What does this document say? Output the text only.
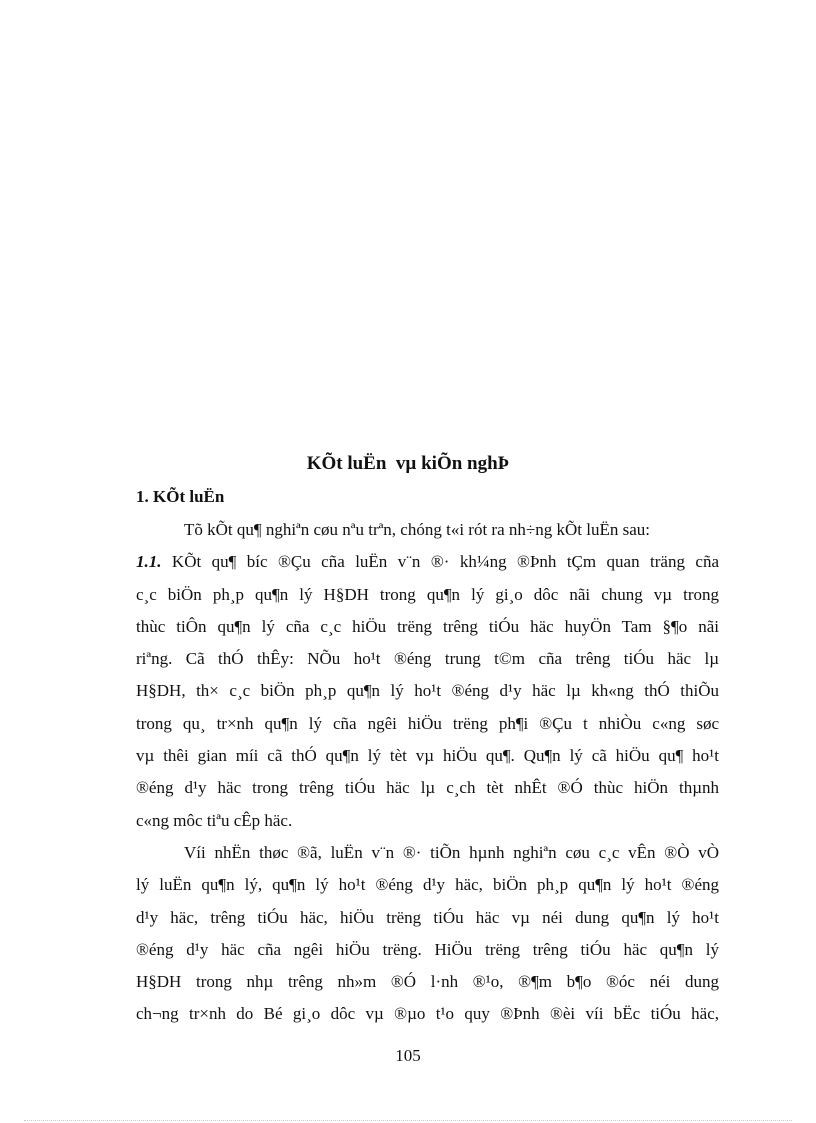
KÕt luËn  vµ kiÕn nghÞ
1. KÕt luËn

Tõ kÕt qu¶ nghiªn cøu nªu trªn, chóng t«i rót ra nh÷ng kÕt luËn sau:

1.1. KÕt qu¶ bíc ®Çu cña luËn v¨n ®· kh¼ng ®Þnh tÇm quan träng cña
c¸c biÖn ph¸p qu¶n lý H§DH trong qu¶n lý gi¸o dôc nãi chung vµ trong
thùc tiÔn qu¶n lý cña c¸c hiÖu trëng trêng tiÓu häc huyÖn Tam §¶o nãi
riªng. Cã thÓ thÊy: NÕu ho¹t ®éng trung t©m cña trêng tiÓu häc lµ
H§DH, th× c¸c biÖn ph¸p qu¶n lý ho¹t ®éng d¹y häc lµ kh«ng thÓ thiÕu
trong qu¸ tr×nh qu¶n lý cña ngêi hiÖu trëng ph¶i ®Çu t nhiÒu c«ng søc
vµ thêi gian míi cã thÓ qu¶n lý tèt vµ hiÖu qu¶. Qu¶n lý cã hiÖu qu¶ ho¹t
®éng d¹y häc trong trêng tiÓu häc lµ c¸ch tèt nhÊt ®Ó thùc hiÖn thµnh
c«ng môc tiªu cÊp häc.

Víi nhËn thøc ®ã, luËn v¨n ®· tiÕn hµnh nghiªn cøu c¸c vÊn ®Ò vÒ
lý luËn qu¶n lý, qu¶n lý ho¹t ®éng d¹y häc, biÖn ph¸p qu¶n lý ho¹t ®éng
d¹y häc, trêng tiÓu häc, hiÖu trëng tiÓu häc vµ néi dung qu¶n lý ho¹t
®éng d¹y häc cña ngêi hiÖu trëng. HiÖu trëng trêng tiÓu häc qu¶n lý
H§DH trong nhµ trêng nh»m ®Ó l·nh ®¹o, ®¶m b¶o ®óc néi dung
ch¬ng tr×nh do Bé gi¸o dôc vµ ®µo t¹o quy ®Þnh ®èi víi bËc tiÓu häc,

105
